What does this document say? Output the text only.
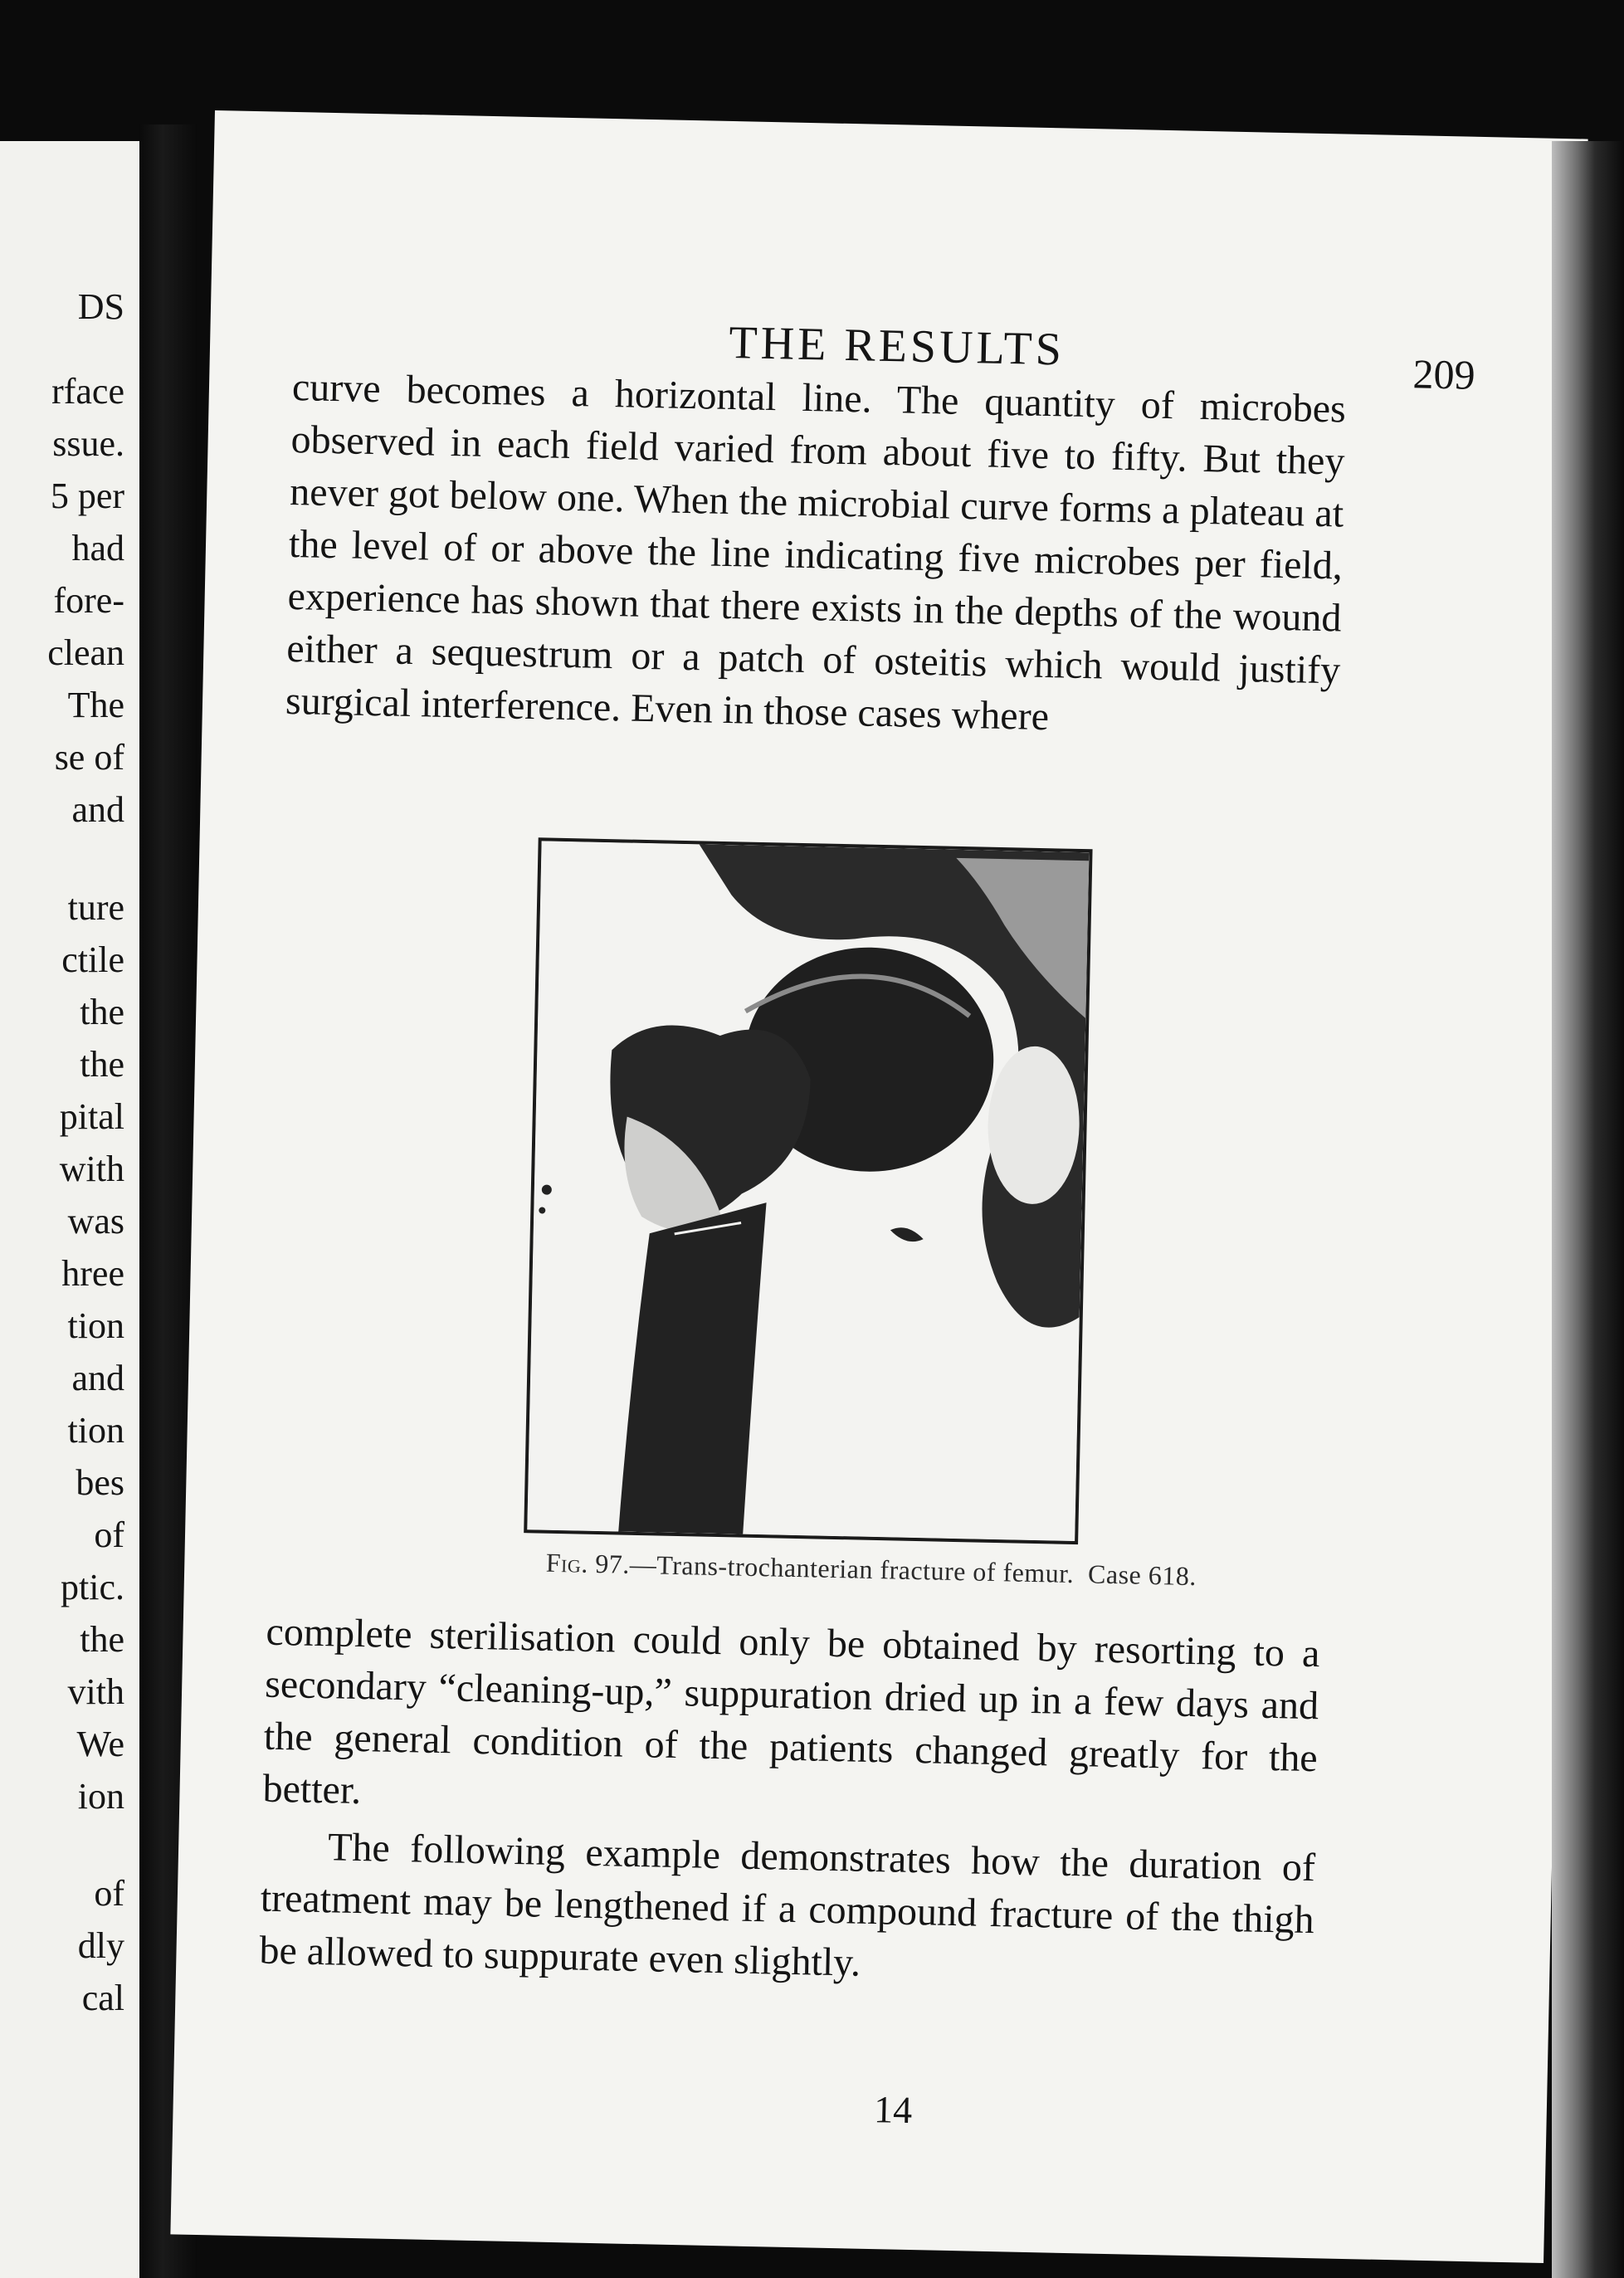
DS
rface
ssue.
5 per
had
fore-
clean
The
se of
and
ture
ctile
the
the
pital
with
was
hree
tion
and
tion
bes
of
ptic.
the
vith
We
ion
of
dly
cal
THE RESULTS	209

curve becomes a horizontal line. The quantity of microbes observed in each field varied from about five to fifty. But they never got below one. When the microbial curve forms a plateau at the level of or above the line indicating five microbes per field, experience has shown that there exists in the depths of the wound either a sequestrum or a patch of osteitis which would justify surgical interference. Even in those cases where

Fig. 97.—Trans-trochanterian fracture of femur. Case 618.

complete sterilisation could only be obtained by resorting to a secondary “cleaning-up,” suppuration dried up in a few days and the general condition of the patients changed greatly for the better.

The following example demonstrates how the duration of treatment may be lengthened if a compound fracture of the thigh be allowed to suppurate even slightly.

14
